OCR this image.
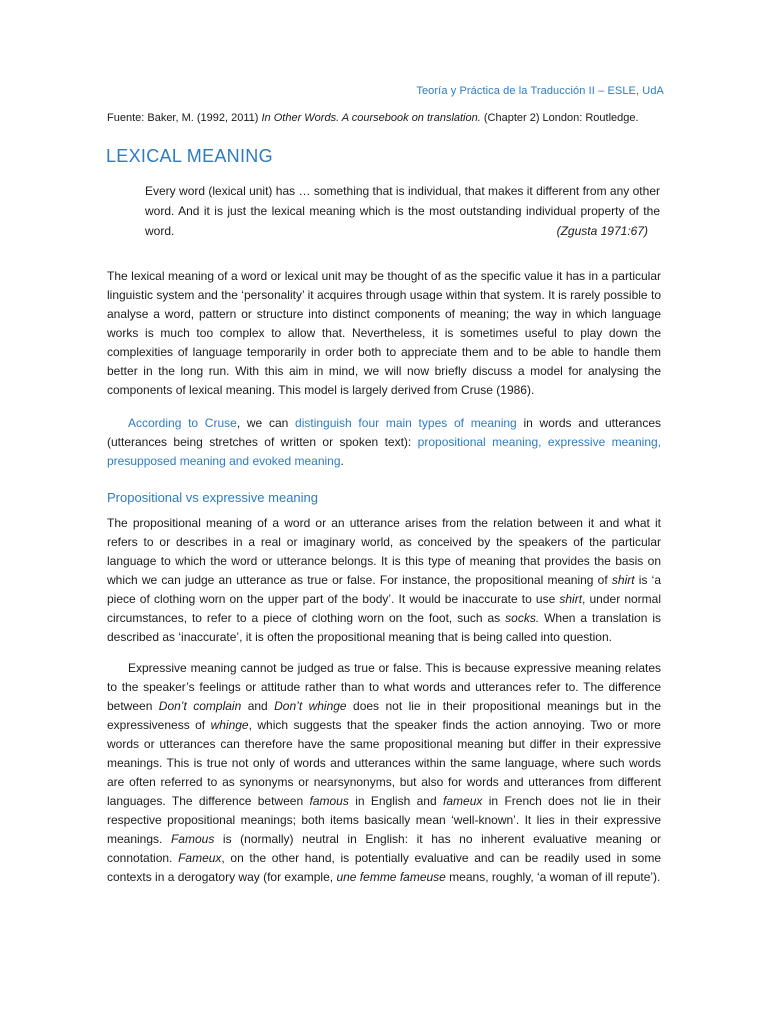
Teoría y Práctica de la Traducción II – ESLE, UdA
Fuente: Baker, M. (1992, 2011) In Other Words. A coursebook on translation. (Chapter 2) London: Routledge.
LEXICAL MEANING

Every word (lexical unit) has … something that is individual, that makes it different from any other word. And it is just the lexical meaning which is the most outstanding individual property of the word.	(Zgusta 1971:67)

The lexical meaning of a word or lexical unit may be thought of as the specific value it has in a particular linguistic system and the ‘personality’ it acquires through usage within that system. It is rarely possible to analyse a word, pattern or structure into distinct components of meaning; the way in which language works is much too complex to allow that. Nevertheless, it is sometimes useful to play down the complexities of language temporarily in order both to appreciate them and to be able to handle them better in the long run. With this aim in mind, we will now briefly discuss a model for analysing the components of lexical meaning. This model is largely derived from Cruse (1986).

According to Cruse, we can distinguish four main types of meaning in words and utterances (utterances being stretches of written or spoken text): propositional meaning, expressive meaning, presupposed meaning and evoked meaning.

Propositional vs expressive meaning

The propositional meaning of a word or an utterance arises from the relation between it and what it refers to or describes in a real or imaginary world, as conceived by the speakers of the particular language to which the word or utterance belongs. It is this type of meaning that provides the basis on which we can judge an utterance as true or false. For instance, the propositional meaning of shirt is ‘a piece of clothing worn on the upper part of the body’. It would be inaccurate to use shirt, under normal circumstances, to refer to a piece of clothing worn on the foot, such as socks. When a translation is described as ‘inaccurate’, it is often the propositional meaning that is being called into question.

Expressive meaning cannot be judged as true or false. This is because expressive meaning relates to the speaker’s feelings or attitude rather than to what words and utterances refer to. The difference between Don’t complain and Don’t whinge does not lie in their propositional meanings but in the expressiveness of whinge, which suggests that the speaker finds the action annoying. Two or more words or utterances can therefore have the same propositional meaning but differ in their expressive meanings. This is true not only of words and utterances within the same language, where such words are often referred to as synonyms or nearsynonyms, but also for words and utterances from different languages. The difference between famous in English and fameux in French does not lie in their respective propositional meanings; both items basically mean ‘well-known’. It lies in their expressive meanings. Famous is (normally) neutral in English: it has no inherent evaluative meaning or connotation. Fameux, on the other hand, is potentially evaluative and can be readily used in some contexts in a derogatory way (for example, une femme fameuse means, roughly, ‘a woman of ill repute’).
